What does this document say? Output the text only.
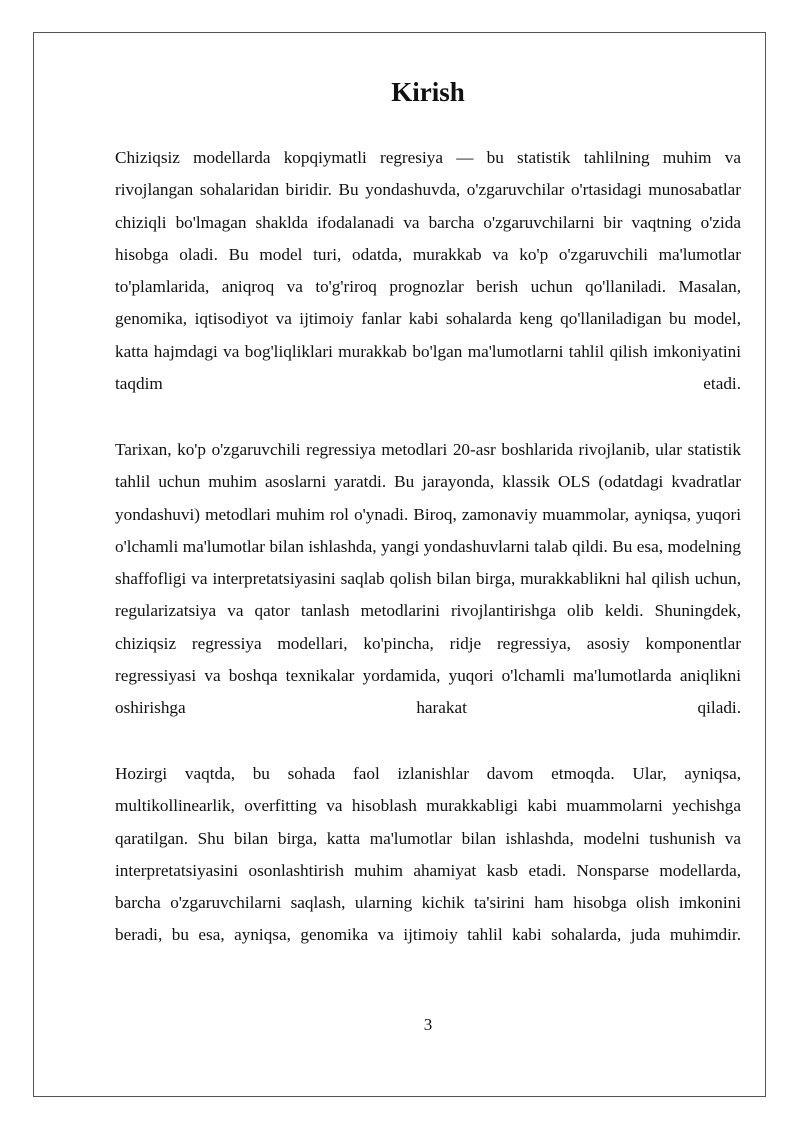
Kirish

Chiziqsiz modellarda kopqiymatli regresiya — bu statistik tahlilning muhim va rivojlangan sohalaridan biridir. Bu yondashuvda, o'zgaruvchilar o'rtasidagi munosabatlar chiziqli bo'lmagan shaklda ifodalanadi va barcha o'zgaruvchilarni bir vaqtning o'zida hisobga oladi. Bu model turi, odatda, murakkab va ko'p o'zgaruvchili ma'lumotlar to'plamlarida, aniqroq va to'g'riroq prognozlar berish uchun qo'llaniladi. Masalan, genomika, iqtisodiyot va ijtimoiy fanlar kabi sohalarda keng qo'llaniladigan bu model, katta hajmdagi va bog'liqliklari murakkab bo'lgan ma'lumotlarni tahlil qilish imkoniyatini taqdim etadi.

Tarixan, ko'p o'zgaruvchili regressiya metodlari 20-asr boshlarida rivojlanib, ular statistik tahlil uchun muhim asoslarni yaratdi. Bu jarayonda, klassik OLS (odatdagi kvadratlar yondashuvi) metodlari muhim rol o'ynadi. Biroq, zamonaviy muammolar, ayniqsa, yuqori o'lchamli ma'lumotlar bilan ishlashda, yangi yondashuvlarni talab qildi. Bu esa, modelning shaffofligi va interpretatsiyasini saqlab qolish bilan birga, murakkablikni hal qilish uchun, regularizatsiya va qator tanlash metodlarini rivojlantirishga olib keldi. Shuningdek, chiziqsiz regressiya modellari, ko'pincha, ridje regressiya, asosiy komponentlar regressiyasi va boshqa texnikalar yordamida, yuqori o'lchamli ma'lumotlarda aniqlikni oshirishga harakat qiladi.

Hozirgi vaqtda, bu sohada faol izlanishlar davom etmoqda. Ular, ayniqsa, multikollinearlik, overfitting va hisoblash murakkabligi kabi muammolarni yechishga qaratilgan. Shu bilan birga, katta ma'lumotlar bilan ishlashda, modelni tushunish va interpretatsiyasini osonlashtirish muhim ahamiyat kasb etadi. Nonsparse modellarda, barcha o'zgaruvchilarni saqlash, ularning kichik ta'sirini ham hisobga olish imkonini beradi, bu esa, ayniqsa, genomika va ijtimoiy tahlil kabi sohalarda, juda muhimdir.

3
